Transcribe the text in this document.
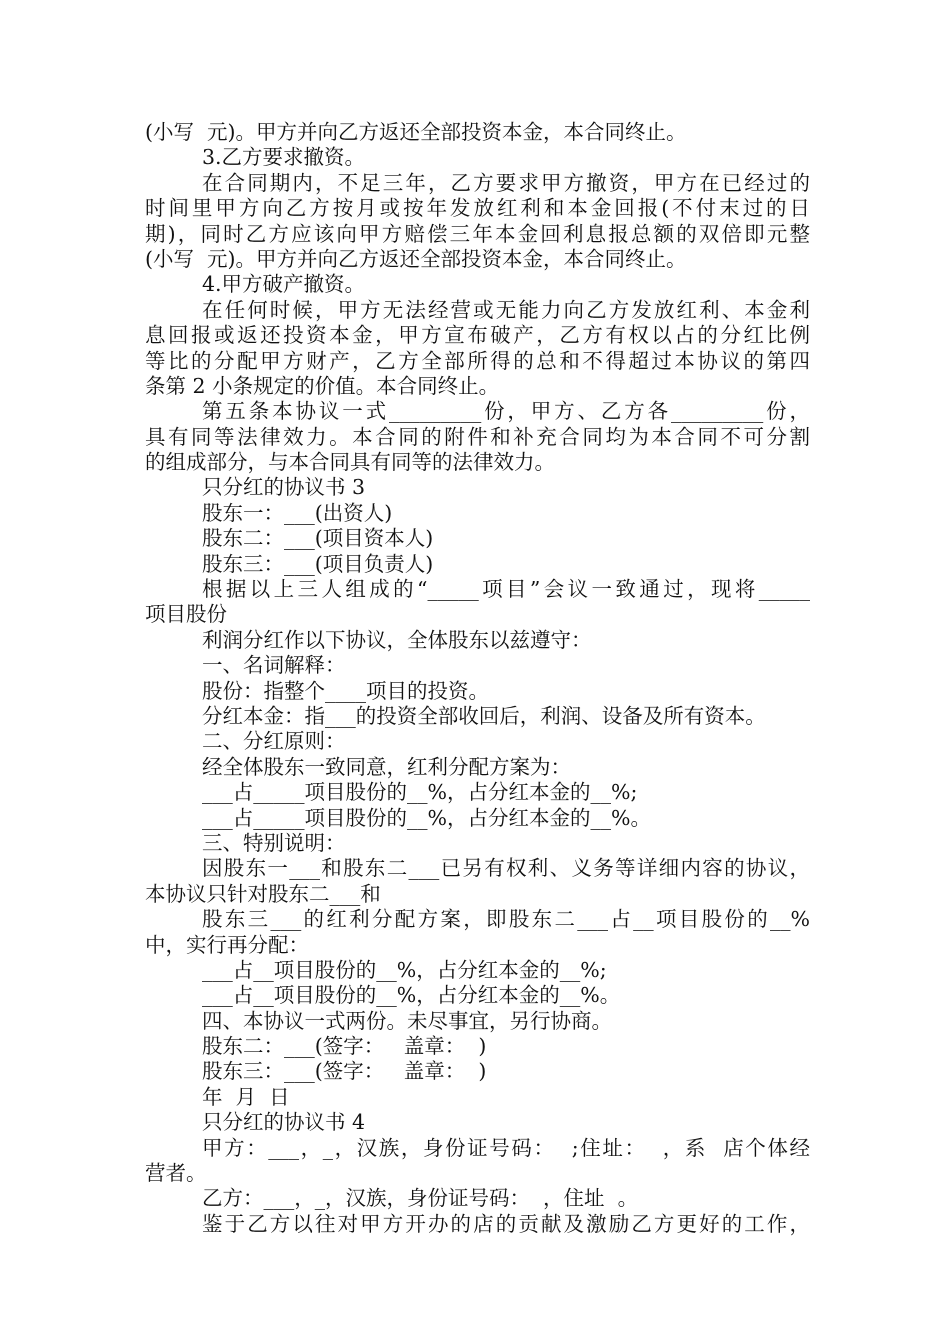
(小写  元)。甲方并向乙方返还全部投资本金，本合同终止。
3.乙方要求撤资。
在合同期内，不足三年，乙方要求甲方撤资，甲方在已经过的
时间里甲方向乙方按月或按年发放红利和本金回报(不付末过的日
期)，同时乙方应该向甲方赔偿三年本金回利息报总额的双倍即元整
(小写  元)。甲方并向乙方返还全部投资本金，本合同终止。
4.甲方破产撤资。
在任何时候，甲方无法经营或无能力向乙方发放红利、本金利
息回报或返还投资本金，甲方宣布破产，乙方有权以占的分红比例
等比的分配甲方财产，乙方全部所得的总和不得超过本协议的第四
条第 2 小条规定的价值。本合同终止。
第五条本协议一式_________份，甲方、乙方各_________份，
具有同等法律效力。本合同的附件和补充合同均为本合同不可分割
的组成部分，与本合同具有同等的法律效力。
只分红的协议书 3
股东一：___(出资人)
股东二：___(项目资本人)
股东三：___(项目负责人)
根据以上三人组成的“_____项目”会议一致通过，现将_____
项目股份
利润分红作以下协议，全体股东以兹遵守：
一、名词解释：
股份：指整个____项目的投资。
分红本金：指___的投资全部收回后，利润、设备及所有资本。
二、分红原则：
经全体股东一致同意，红利分配方案为：
___占_____项目股份的__%，占分红本金的__%;
___占_____项目股份的__%，占分红本金的__%。
三、特别说明：
因股东一___和股东二___已另有权利、义务等详细内容的协议，
本协议只针对股东二___和
股东三___的红利分配方案，即股东二___占__项目股份的__%
中，实行再分配：
___占__项目股份的__%，占分红本金的__%;
___占__项目股份的__%，占分红本金的__%。
四、本协议一式两份。未尽事宜，另行协商。
股东二：___(签字：   盖章：  )
股东三：___(签字：   盖章：  )
年  月  日
只分红的协议书 4
甲方：___，_，汉族，身份证号码：  ;住址：  ，系  店个体经
营者。
乙方：___，_，汉族，身份证号码：  ，住址  。
鉴于乙方以往对甲方开办的店的贡献及激励乙方更好的工作，
